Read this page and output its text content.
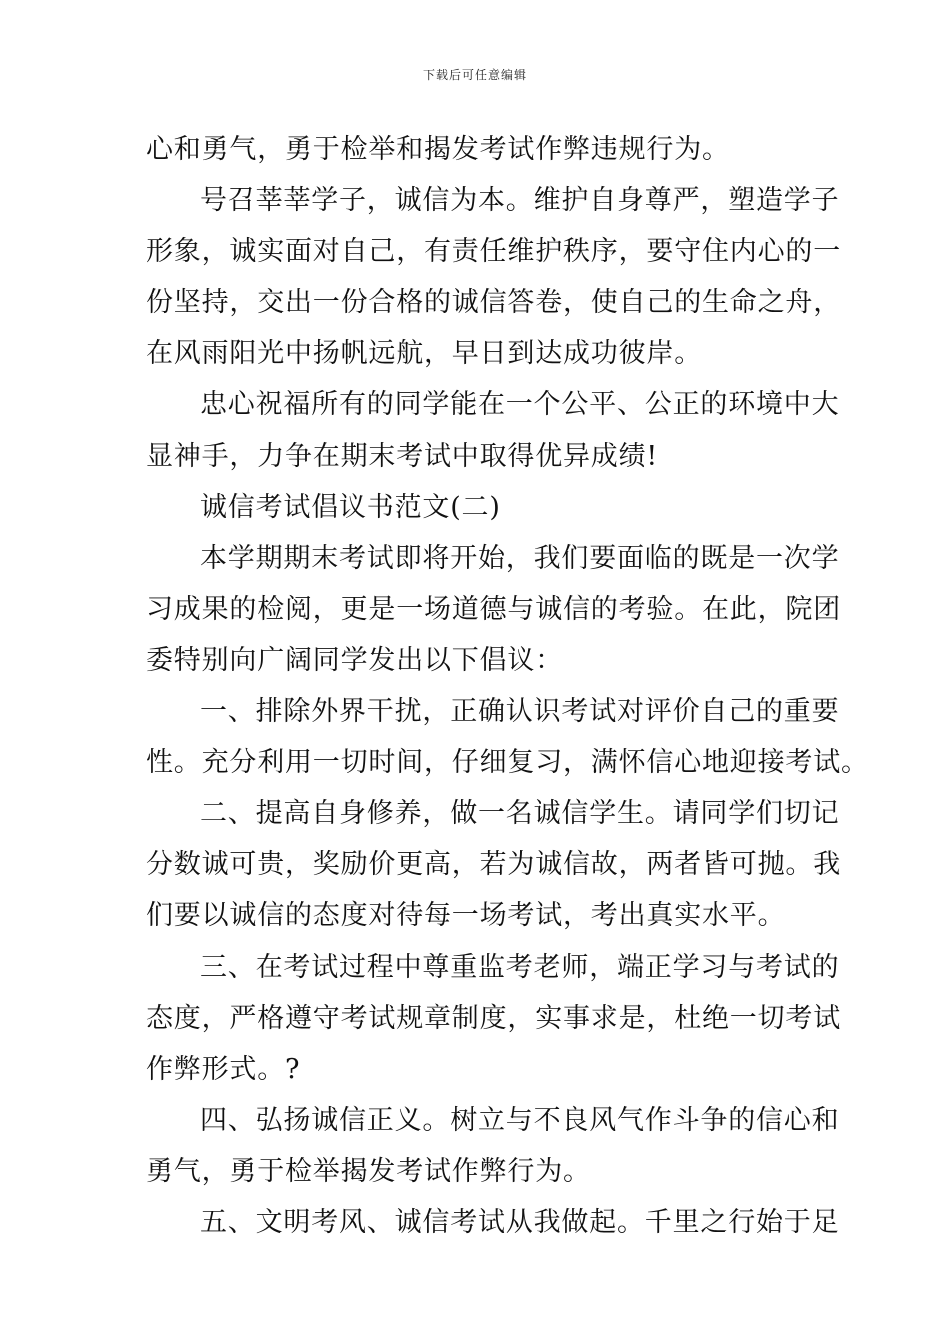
下载后可任意编辑

心和勇气，勇于检举和揭发考试作弊违规行为。

号召莘莘学子，诚信为本。维护自身尊严，塑造学子
形象，诚实面对自己，有责任维护秩序，要守住内心的一
份坚持，交出一份合格的诚信答卷，使自己的生命之舟，
在风雨阳光中扬帆远航，早日到达成功彼岸。

忠心祝福所有的同学能在一个公平、公正的环境中大
显神手，力争在期末考试中取得优异成绩!

诚信考试倡议书范文(二)

本学期期末考试即将开始，我们要面临的既是一次学
习成果的检阅，更是一场道德与诚信的考验。在此，院团
委特别向广阔同学发出以下倡议：

一、排除外界干扰，正确认识考试对评价自己的重要
性。充分利用一切时间，仔细复习，满怀信心地迎接考试。

二、提高自身修养，做一名诚信学生。请同学们切记
分数诚可贵，奖励价更高，若为诚信故，两者皆可抛。我
们要以诚信的态度对待每一场考试，考出真实水平。

三、在考试过程中尊重监考老师，端正学习与考试的
态度，严格遵守考试规章制度，实事求是，杜绝一切考试
作弊形式。?

四、弘扬诚信正义。树立与不良风气作斗争的信心和
勇气，勇于检举揭发考试作弊行为。

五、文明考风、诚信考试从我做起。千里之行始于足
